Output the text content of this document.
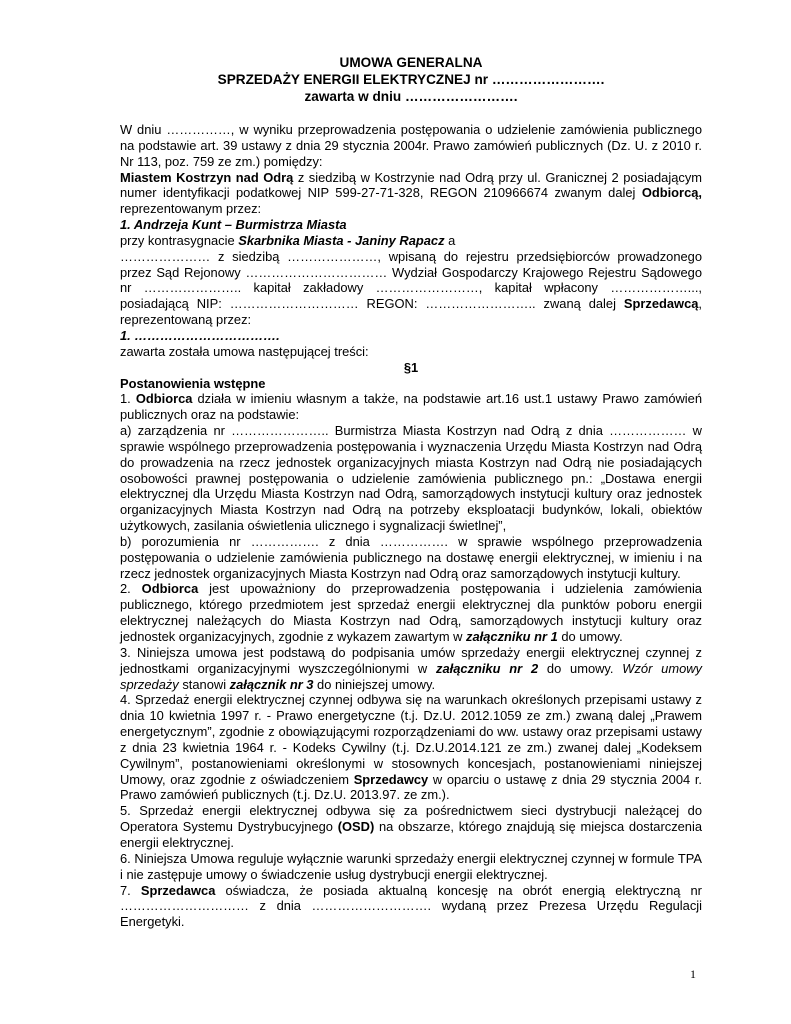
UMOWA GENERALNA
SPRZEDAŻY ENERGII ELEKTRYCZNEJ nr …………………….
zawarta w dniu …………………….

W dniu ……………, w wyniku przeprowadzenia postępowania o udzielenie zamówienia publicznego na podstawie art. 39 ustawy z dnia 29 stycznia 2004r. Prawo zamówień publicznych (Dz. U. z 2010 r. Nr 113, poz. 759 ze zm.) pomiędzy:

Miastem Kostrzyn nad Odrą z siedzibą w Kostrzynie nad Odrą przy ul. Granicznej 2 posiadającym numer identyfikacji podatkowej NIP 599-27-71-328, REGON 210966674 zwanym dalej Odbiorcą, reprezentowanym przez:

1. Andrzeja Kunt – Burmistrza Miasta

przy kontrasygnacie Skarbnika Miasta - Janiny Rapacz a

………………… z siedzibą …………………, wpisaną do rejestru przedsiębiorców prowadzonego przez Sąd Rejonowy …………………………… Wydział Gospodarczy Krajowego Rejestru Sądowego nr ………………….. kapitał zakładowy ……………………, kapitał wpłacony ………………..., posiadającą NIP: ………………………… REGON: …………………….. zwaną dalej Sprzedawcą, reprezentowaną przez:

1. …………………………….

zawarta została umowa następującej treści:

§1

Postanowienia wstępne

1. Odbiorca działa w imieniu własnym a także, na podstawie art.16 ust.1 ustawy Prawo zamówień publicznych oraz na podstawie:

a) zarządzenia nr ………………….. Burmistrza Miasta Kostrzyn nad Odrą z dnia ……………… w sprawie wspólnego przeprowadzenia postępowania i wyznaczenia Urzędu Miasta Kostrzyn nad Odrą do prowadzenia na rzecz jednostek organizacyjnych miasta Kostrzyn nad Odrą nie posiadających osobowości prawnej postępowania o udzielenie zamówienia publicznego pn.: „Dostawa energii elektrycznej dla Urzędu Miasta Kostrzyn nad Odrą, samorządowych instytucji kultury oraz jednostek organizacyjnych Miasta Kostrzyn nad Odrą na potrzeby eksploatacji budynków, lokali, obiektów użytkowych, zasilania oświetlenia ulicznego i sygnalizacji świetlnej”,

b) porozumienia nr ……………. z dnia ……………. w sprawie wspólnego przeprowadzenia postępowania o udzielenie zamówienia publicznego na dostawę energii elektrycznej, w imieniu i na rzecz jednostek organizacyjnych Miasta Kostrzyn nad Odrą oraz samorządowych instytucji kultury.

2. Odbiorca jest upoważniony do przeprowadzenia postępowania i udzielenia zamówienia publicznego, którego przedmiotem jest sprzedaż energii elektrycznej dla punktów poboru energii elektrycznej należących do Miasta Kostrzyn nad Odrą, samorządowych instytucji kultury oraz jednostek organizacyjnych, zgodnie z wykazem zawartym w załączniku nr 1 do umowy.

3. Niniejsza umowa jest podstawą do podpisania umów sprzedaży energii elektrycznej czynnej z jednostkami organizacyjnymi wyszczególnionymi w załączniku nr 2 do umowy. Wzór umowy sprzedaży stanowi załącznik nr 3 do niniejszej umowy.

4. Sprzedaż energii elektrycznej czynnej odbywa się na warunkach określonych przepisami ustawy z dnia 10 kwietnia 1997 r. - Prawo energetyczne (t.j. Dz.U. 2012.1059 ze zm.) zwaną dalej „Prawem energetycznym”, zgodnie z obowiązującymi rozporządzeniami do ww. ustawy oraz przepisami ustawy z dnia 23 kwietnia 1964 r. - Kodeks Cywilny (t.j. Dz.U.2014.121 ze zm.) zwanej dalej „Kodeksem Cywilnym”, postanowieniami określonymi w stosownych koncesjach, postanowieniami niniejszej Umowy, oraz zgodnie z oświadczeniem Sprzedawcy w oparciu o ustawę z dnia 29 stycznia 2004 r. Prawo zamówień publicznych (t.j. Dz.U. 2013.97. ze zm.).

5. Sprzedaż energii elektrycznej odbywa się za pośrednictwem sieci dystrybucji należącej do Operatora Systemu Dystrybucyjnego (OSD) na obszarze, którego znajdują się miejsca dostarczenia energii elektrycznej.

6. Niniejsza Umowa reguluje wyłącznie warunki sprzedaży energii elektrycznej czynnej w formule TPA i nie zastępuje umowy o świadczenie usług dystrybucji energii elektrycznej.

7. Sprzedawca oświadcza, że posiada aktualną koncesję na obrót energią elektryczną nr ………………………… z dnia ………………………. wydaną przez Prezesa Urzędu Regulacji Energetyki.

1
